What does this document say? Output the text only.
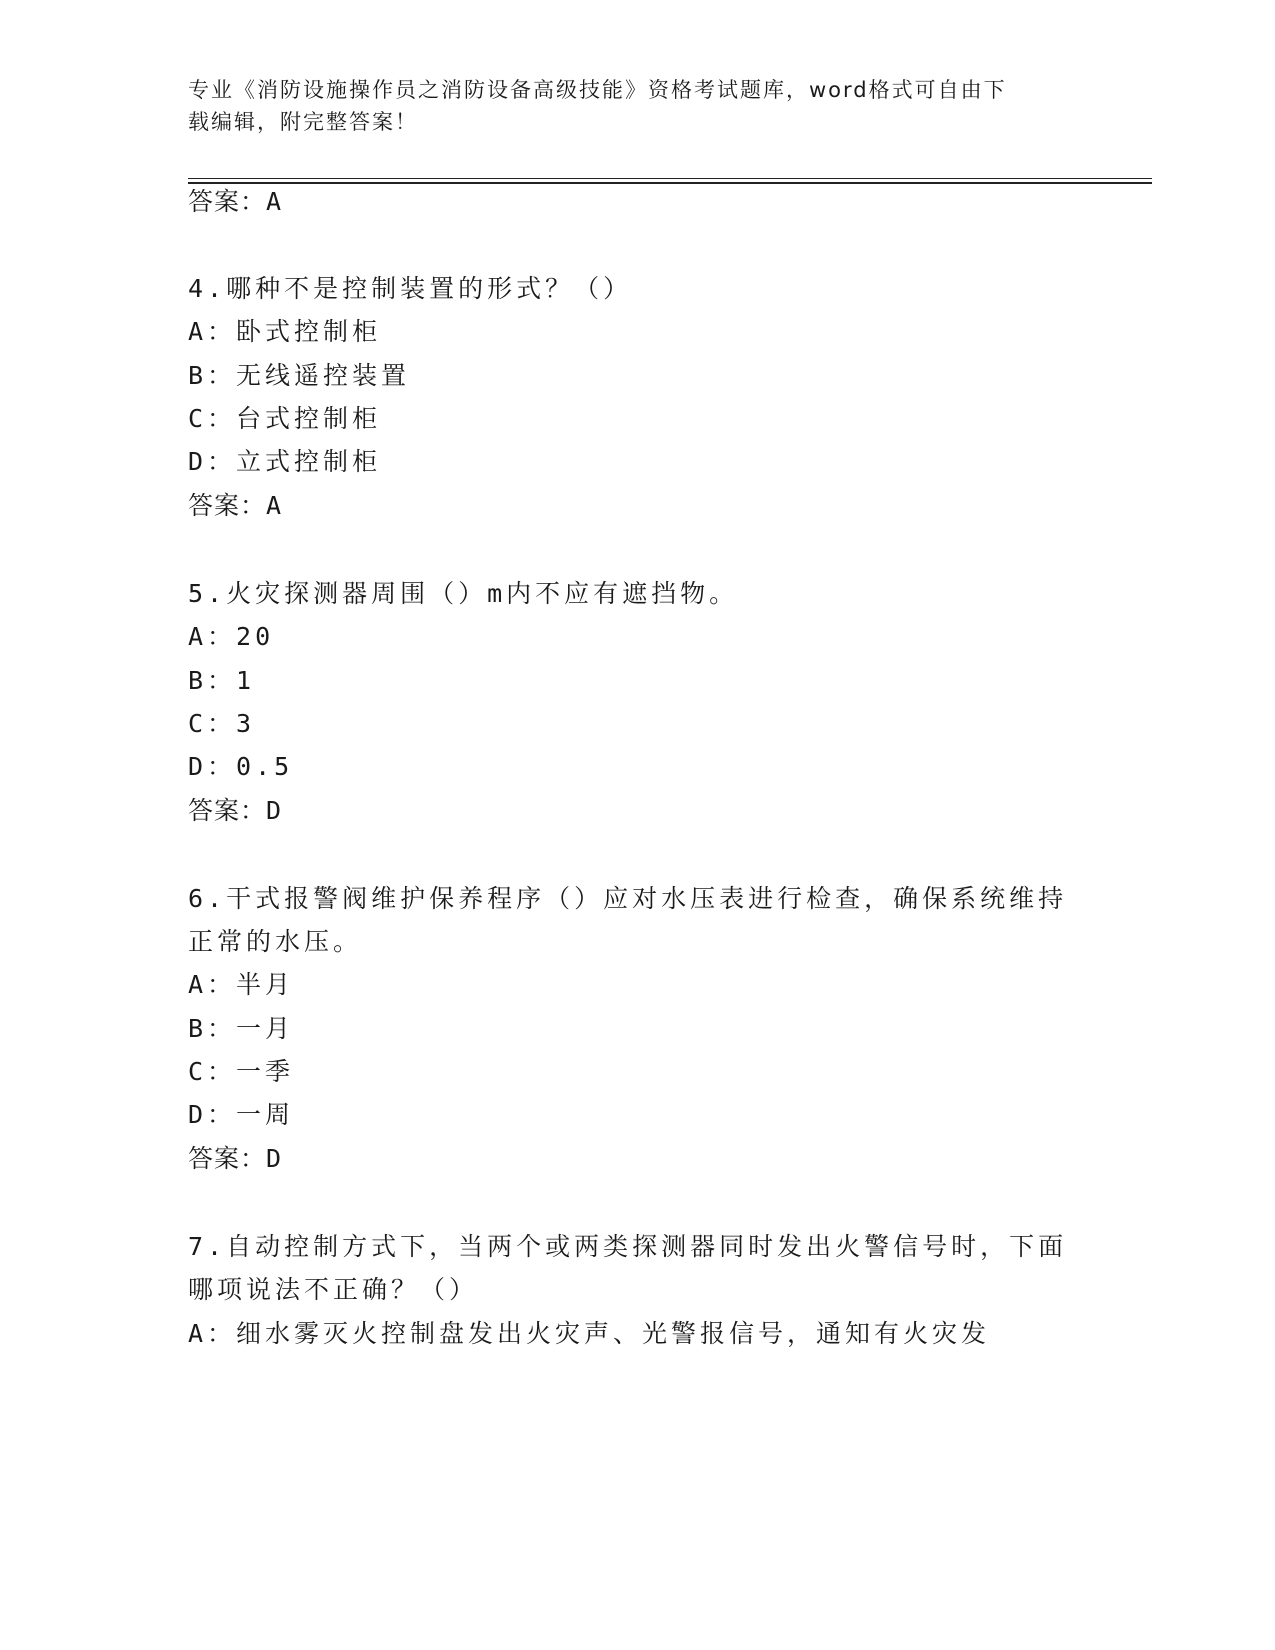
专业《消防设施操作员之消防设备高级技能》资格考试题库，word格式可自由下
载编辑，附完整答案！
答案：A
4.哪种不是控制装置的形式？（）
A：卧式控制柜
B：无线遥控装置
C：台式控制柜
D：立式控制柜
答案：A
5.火灾探测器周围（）m内不应有遮挡物。
A：20
B：1
C：3
D：0.5
答案：D
6.干式报警阀维护保养程序（）应对水压表进行检查，确保系统维持
正常的水压。
A：半月
B：一月
C：一季
D：一周
答案：D
7.自动控制方式下，当两个或两类探测器同时发出火警信号时，下面
哪项说法不正确？（）
A：细水雾灭火控制盘发出火灾声、光警报信号，通知有火灾发
